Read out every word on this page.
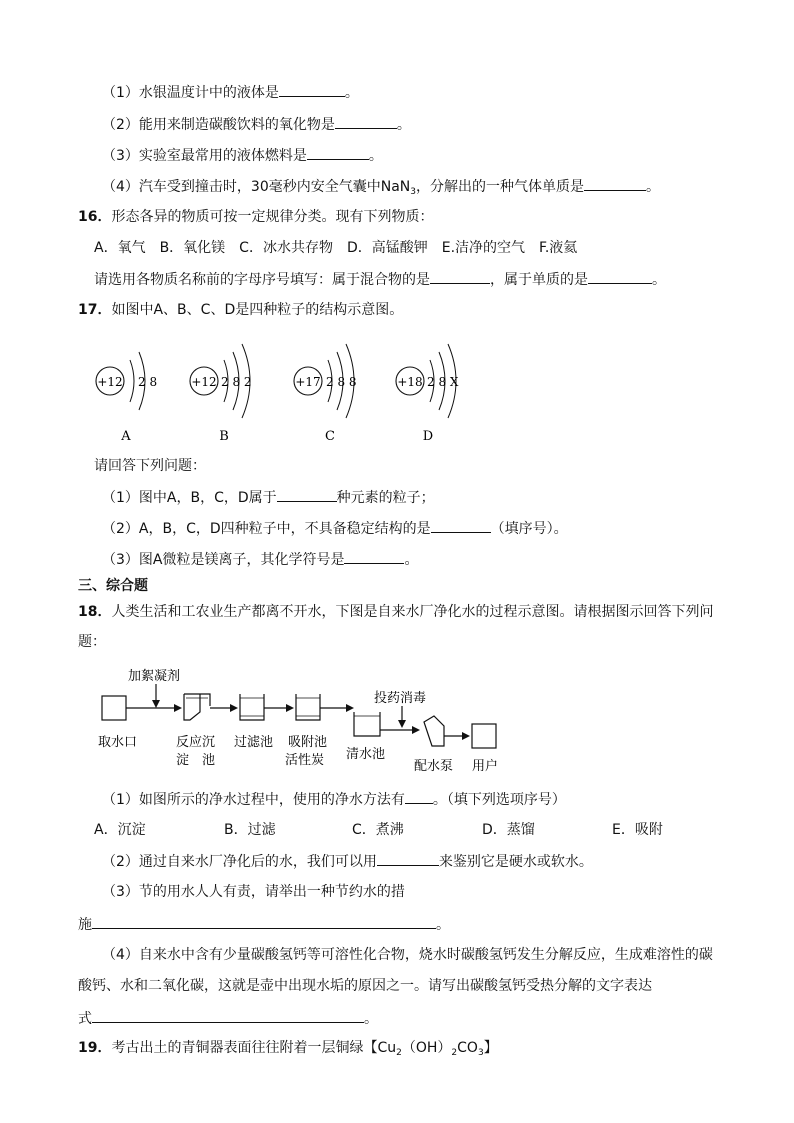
（1）水银温度计中的液体是	。
（2）能用来制造碳酸饮料的氧化物是	。
（3）实验室最常用的液体燃料是	。
（4）汽车受到撞击时，30毫秒内安全气囊中NaN$_3$，分解出的一种气体单质是	。
16．形态各异的物质可按一定规律分类。现有下列物质：
A．氧气　B．氧化镁　C．冰水共存物　D．高锰酸钾　E.洁净的空气　F.液氦
请选用各物质名称前的字母序号填写：属于混合物的是	，属于单质的是	。
17．如图中A、B、C、D是四种粒子的结构示意图。
+12 2 8
A
+12 2 8 2
B
+17 2 8 8
C
+18 2 8 X
D
请回答下列问题：
（1）图中A，B，C，D属于	种元素的粒子；
（2）A，B，C，D四种粒子中，不具备稳定结构的是	（填序号）。
（3）图A微粒是镁离子，其化学符号是	。
三、综合题
18．人类生活和工农业生产都离不开水，下图是自来水厂净化水的过程示意图。请根据图示回答下列问
题：
加絮凝剂
投药消毒
取水口	反应沉
淀　池
过滤池 吸附池
活性炭 清水池
配水泵 用户
（1）如图所示的净水过程中，使用的净水方法有 。（填下列选项序号）
A．沉淀	B．过滤	C．煮沸	D．蒸馏	E．吸附
（2）通过自来水厂净化后的水，我们可以用	来鉴别它是硬水或软水。
（3）节的用水人人有责，请举出一种节约水的措
施	。
（4）自来水中含有少量碳酸氢钙等可溶性化合物，烧水时碳酸氢钙发生分解反应，生成难溶性的碳
酸钙、水和二氧化碳，这就是壶中出现水垢的原因之一。请写出碳酸氢钙受热分解的文字表达
式	。
19．考古出土的青铜器表面往往附着一层铜绿【$Cu_2(OH)_2CO_3$】
